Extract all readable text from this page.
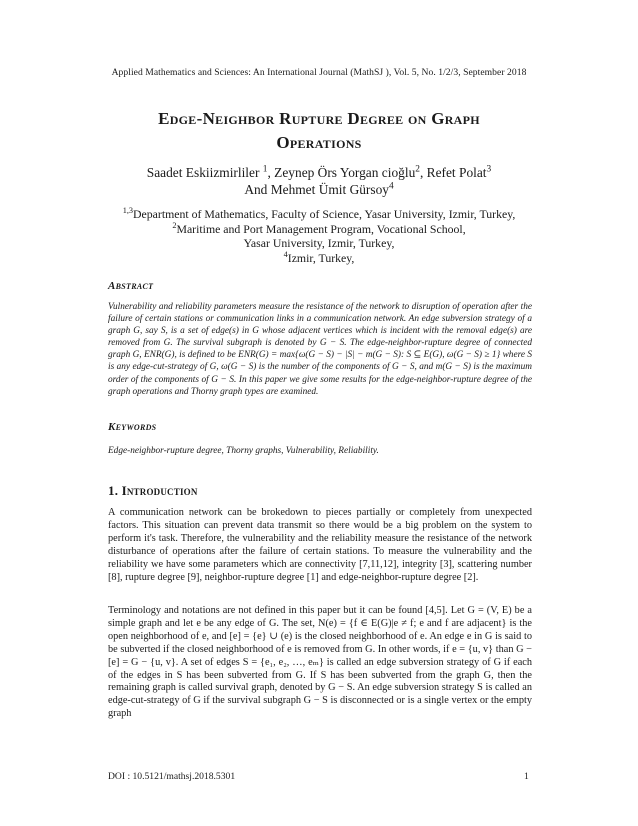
Applied Mathematics and Sciences: An International Journal (MathSJ ), Vol. 5, No. 1/2/3, September 2018
Edge-Neighbor Rupture Degree on Graph
Operations
Saadet Eskiizmirliler $^1$, Zeynep Örs Yorgan cioğlu$^2$, Refet Polat$^3$
And Mehmet Ümit Gürsoy$^4$
$^{1,3}$Department of Mathematics, Faculty of Science, Yasar University, Izmir, Turkey,
$^2$Maritime and Port Management Program, Vocational School,
Yasar University, Izmir, Turkey,
$^4$Izmir, Turkey,
Abstract
Vulnerability and reliability parameters measure the resistance of the network to disruption of operation after the failure of certain stations or communication links in a communication network. An edge subversion strategy of a graph G, say S, is a set of edge(s) in G whose adjacent vertices which is incident with the removal edge(s) are removed from G. The survival subgraph is denoted by G − S. The edge-neighbor-rupture degree of connected graph G, ENR(G), is defined to be ENR(G) = max{ω(G − S) − |S| − m(G − S): S ⊆ E(G), ω(G − S) ≥ 1} where S is any edge-cut-strategy of G, ω(G − S) is the number of the components of G − S, and m(G − S) is the maximum order of the components of G − S. In this paper we give some results for the edge-neighbor-rupture degree of the graph operations and Thorny graph types are examined.
Keywords
Edge-neighbor-rupture degree, Thorny graphs, Vulnerability, Reliability.
1. Introduction
A communication network can be brokedown to pieces partially or completely from unexpected factors. This situation can prevent data transmit so there would be a big problem on the system to perform it's task. Therefore, the vulnerability and the reliability measure the resistance of the network disturbance of operations after the failure of certain stations. To measure the vulnerability and the reliability we have some parameters which are connectivity [7,11,12], integrity [3], scattering number [8], rupture degree [9], neighbor-rupture degree [1] and edge-neighbor-rupture degree [2].
Terminology and notations are not defined in this paper but it can be found [4,5]. Let G = (V, E) be a simple graph and let e be any edge of G. The set, N(e) = {f ∈ E(G)|e ≠ f; e and f are adjacent} is the open neighborhood of e, and [e] = {e} ∪ (e) is the closed neighborhood of e. An edge e in G is said to be subverted if the closed neighborhood of e is removed from G. In other words, if e = {u, v} than G − [e] = G − {u, v}. A set of edges S = {e₁, e₂, …, eₘ} is called an edge subversion strategy of G if each of the edges in S has been subverted from G. If S has been subverted from the graph G, then the remaining graph is called survival graph, denoted by G − S. An edge subversion strategy S is called an edge-cut-strategy of G if the survival subgraph G − S is disconnected or is a single vertex or the empty graph
DOI : 10.5121/mathsj.2018.5301	1
